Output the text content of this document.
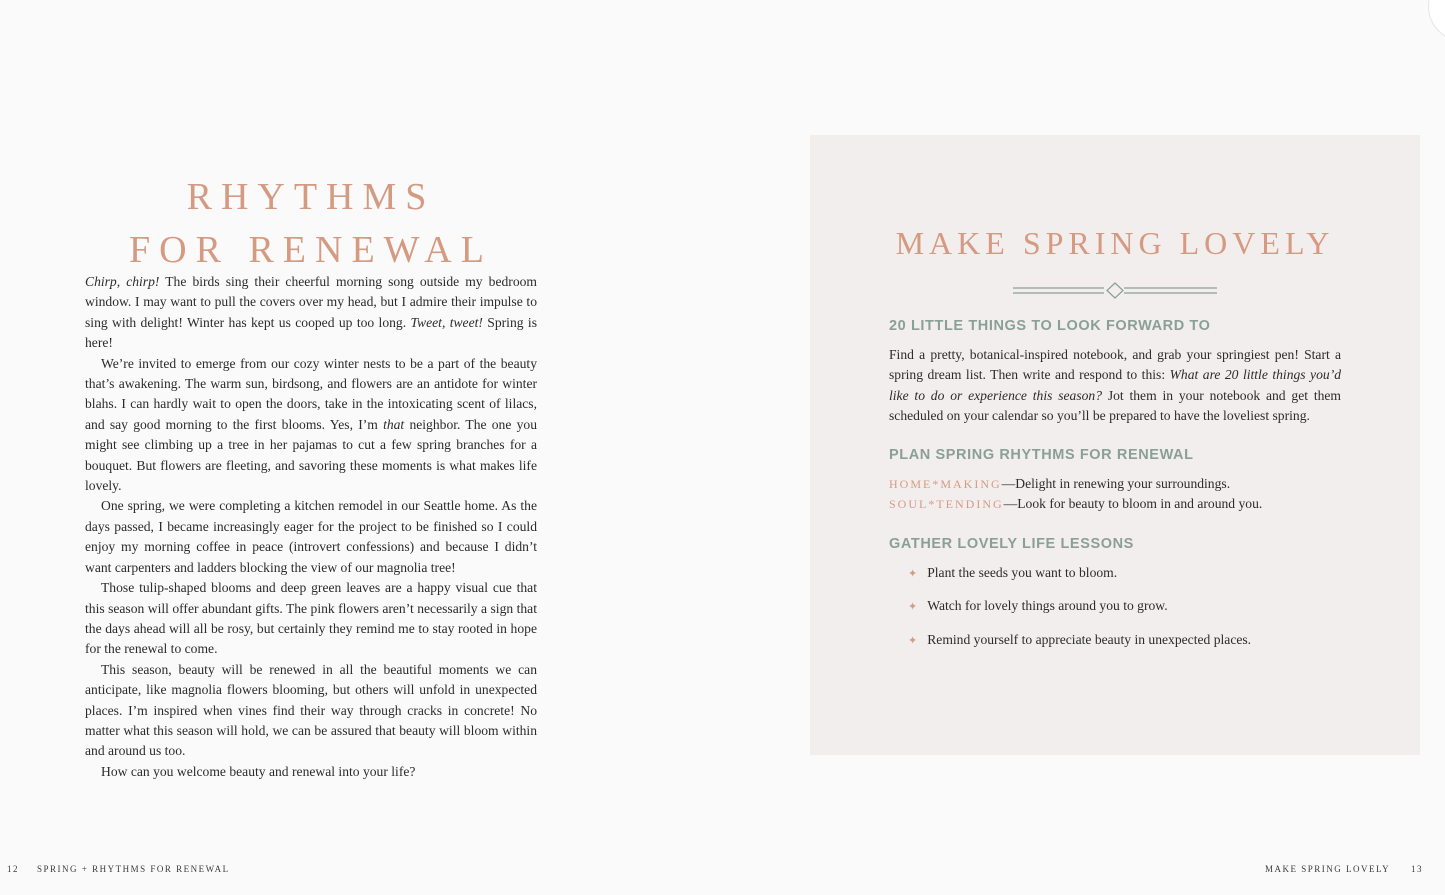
RHYTHMS
FOR RENEWAL

Chirp, chirp! The birds sing their cheerful morning song outside my bedroom window. I may want to pull the covers over my head, but I admire their impulse to sing with delight! Winter has kept us cooped up too long. Tweet, tweet! Spring is here!

We’re invited to emerge from our cozy winter nests to be a part of the beauty that’s awakening. The warm sun, birdsong, and flowers are an antidote for winter blahs. I can hardly wait to open the doors, take in the intoxicating scent of lilacs, and say good morning to the first blooms. Yes, I’m that neighbor. The one you might see climbing up a tree in her pajamas to cut a few spring branches for a bouquet. But flowers are fleeting, and savoring these moments is what makes life lovely.

One spring, we were completing a kitchen remodel in our Seattle home. As the days passed, I became increasingly eager for the project to be finished so I could enjoy my morning coffee in peace (introvert confessions) and because I didn’t want carpenters and ladders blocking the view of our magnolia tree!

Those tulip-shaped blooms and deep green leaves are a happy visual cue that this season will offer abundant gifts. The pink flowers aren’t necessarily a sign that the days ahead will all be rosy, but certainly they remind me to stay rooted in hope for the renewal to come.

This season, beauty will be renewed in all the beautiful moments we can anticipate, like magnolia flowers blooming, but others will unfold in unexpected places. I’m inspired when vines find their way through cracks in concrete! No matter what this season will hold, we can be assured that beauty will bloom within and around us too.

How can you welcome beauty and renewal into your life?

MAKE SPRING LOVELY
20 LITTLE THINGS TO LOOK FORWARD TO
Find a pretty, botanical-inspired notebook, and grab your springiest pen! Start a spring dream list. Then write and respond to this: What are 20 little things you’d like to do or experience this season? Jot them in your notebook and get them scheduled on your calendar so you’ll be prepared to have the loveliest spring.
PLAN SPRING RHYTHMS FOR RENEWAL
HOME*MAKING—Delight in renewing your surroundings.
SOUL*TENDING—Look for beauty to bloom in and around you.
GATHER LOVELY LIFE LESSONS
✦ Plant the seeds you want to bloom.
✦ Watch for lovely things around you to grow.
✦ Remind yourself to appreciate beauty in unexpected places.
12 SPRING + RHYTHMS FOR RENEWAL	MAKE SPRING LOVELY 13
